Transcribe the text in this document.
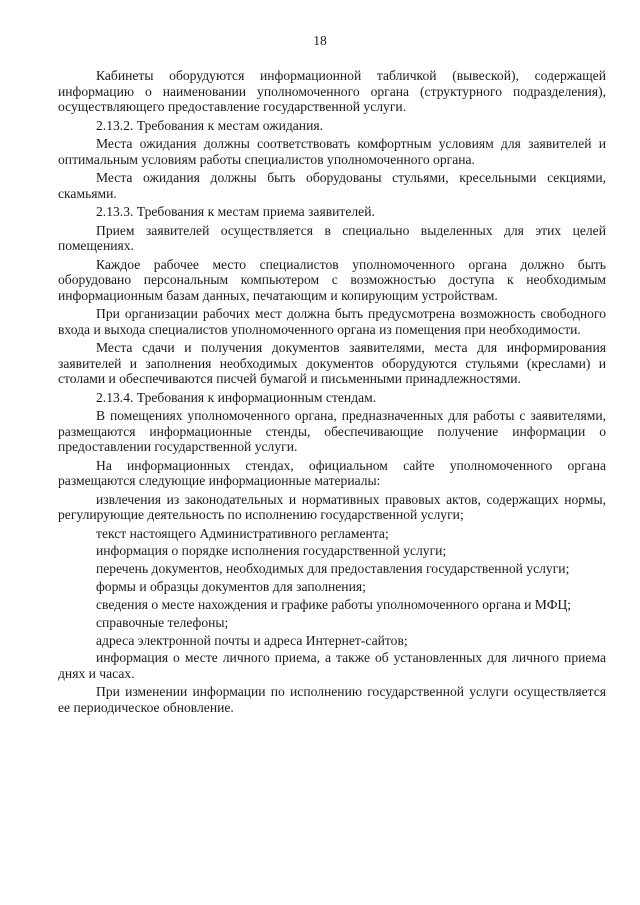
18

Кабинеты оборудуются информационной табличкой (вывеской), содержащей информацию о наименовании уполномоченного органа (структурного подразделения), осуществляющего предоставление государственной услуги.

2.13.2. Требования к местам ожидания.

Места ожидания должны соответствовать комфортным условиям для заявителей и оптимальным условиям работы специалистов уполномоченного органа.

Места ожидания должны быть оборудованы стульями, кресельными секциями, скамьями.

2.13.3. Требования к местам приема заявителей.

Прием заявителей осуществляется в специально выделенных для этих целей помещениях.

Каждое рабочее место специалистов уполномоченного органа должно быть оборудовано персональным компьютером с возможностью доступа к необходимым информационным базам данных, печатающим и копирующим устройствам.

При организации рабочих мест должна быть предусмотрена возможность свободного входа и выхода специалистов уполномоченного органа из помещения при необходимости.

Места сдачи и получения документов заявителями, места для информирования заявителей и заполнения необходимых документов оборудуются стульями (креслами) и столами и обеспечиваются писчей бумагой и письменными принадлежностями.

2.13.4. Требования к информационным стендам.

В помещениях уполномоченного органа, предназначенных для работы с заявителями, размещаются информационные стенды, обеспечивающие получение информации о предоставлении государственной услуги.

На информационных стендах, официальном сайте уполномоченного органа размещаются следующие информационные материалы:

извлечения из законодательных и нормативных правовых актов, содержащих нормы, регулирующие деятельность по исполнению государственной услуги;

текст настоящего Административного регламента;

информация о порядке исполнения государственной услуги;

перечень документов, необходимых для предоставления государственной услуги;

формы и образцы документов для заполнения;

сведения о месте нахождения и графике работы уполномоченного органа и МФЦ;

справочные телефоны;

адреса электронной почты и адреса Интернет-сайтов;

информация о месте личного приема, а также об установленных для личного приема днях и часах.

При изменении информации по исполнению государственной услуги осуществляется ее периодическое обновление.
